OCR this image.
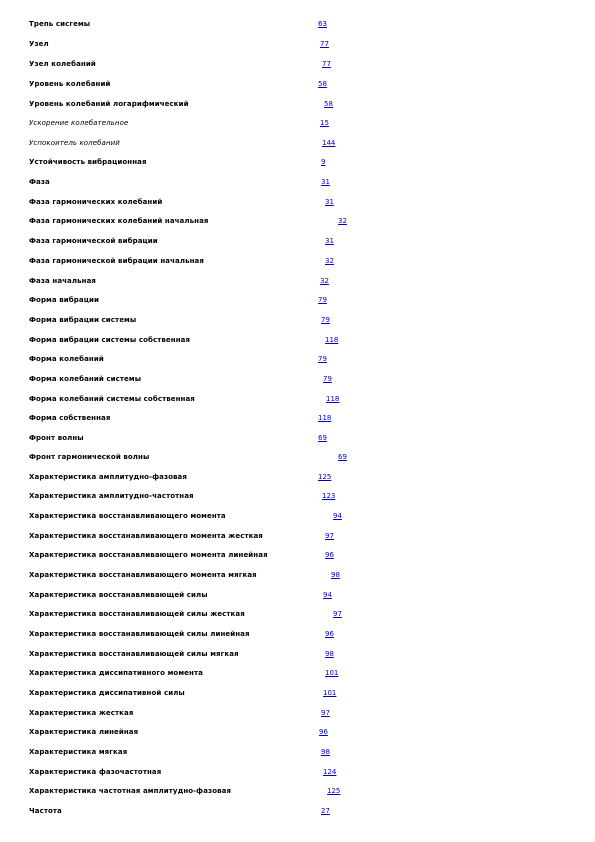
Трепь сисгемы	63
Узел	77
Узел колебаний	77
Уровень колебаний	58
Уровень колебаний логарифмический	58
Ускорение колебательное	15
Успокоитель колебаний	144
Устойчивость вибрационная	9
Фаза	31
Фаза гармонических колебаний	31
Фаза гармонических колебаний начальная	32
Фаза гармонической вибрации	31
Фаза гармонической вибрации начальная	32
Фаза начальная	32
Форма вибрации	79
Форма вибрации системы	79
Форма вибрации системы собственная	118
Форма колебаний	79
Форма колебаний системы	79
Форма колебаний системы собственная	118
Форма собственная	118
Фронт волны	69
Фронт гармонической волны	69
Характеристика амплитудно-фазовая	125
Характеристика амплитудно-частотная	123
Характеристика восстанавливающего момента	94
Характеристика восстанавливающего момента жесткая	97
Характеристика восстанавливающего момента линейная	96
Характеристика восстанавливающего момента мягкая	98
Характеристика восстанавливающей силы	94
Характеристика восстанавливающей силы жесткая	97
Характеристика восстанавливающей силы линейная	96
Характеристика восстанавливающей силы мягкая	98
Характеристика диссипативного момента	101
Характеристика диссипативной силы	101
Характеристика жесткая	97
Характеристика линейная	96
Характеристика мягкая	98
Характеристика фазочастотная	124
Характеристика частотная амплитудно-фазовая	125
Частота	27
